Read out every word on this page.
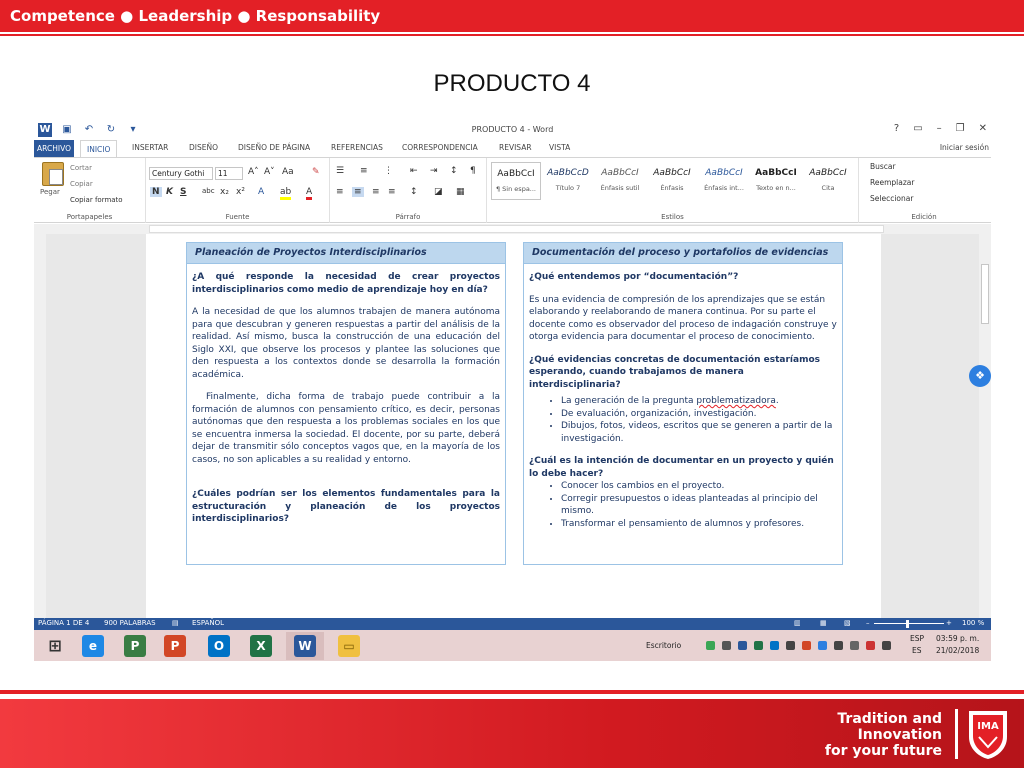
Competence ● Leadership ● Responsability
PRODUCTO 4
W ▣ ↶ ↻	▾	PRODUCTO 4 - Word	? ▭ – ❐ ✕
ARCHIVO	INICIO	INSERTAR	DISEÑO	DISEÑO DE PÁGINA	REFERENCIAS	CORRESPONDENCIA	REVISAR VISTA	Iniciar sesión
Pegar
Cortar
Copiar
Copiar formato
Portapapeles
Century Gothi	11	A˄ A˅ Aa ✎
N K S abc x₂ x² A ab A
Fuente
☰ ≡ ⋮ ⇤ ⇥ ↕ ¶
≡ ≡ ≡ ≡ ↕ ◪ ▦
Párrafo
AaBbCcI
¶ Sin espa...
AaBbCcD
Título 7
AaBbCcI
Énfasis sutil
AaBbCcI
Énfasis
AaBbCcI
Énfasis int...
AaBbCcI
Texto en n...
AaBbCcI
Cita
Estilos
Buscar
Reemplazar
Seleccionar
Edición
Planeación de Proyectos Interdisciplinarios

¿A qué responde la necesidad de crear proyectos interdisciplinarios como medio de aprendizaje hoy en día?

A la necesidad de que los alumnos trabajen de manera autónoma para que descubran y generen respuestas a partir del análisis de la realidad. Así mismo, busca la construcción de una educación del Siglo XXI, que observe los procesos y plantee las soluciones que den respuesta a los contextos donde se desarrolla la formación académica.

Finalmente, dicha forma de trabajo puede contribuir a la formación de alumnos con pensamiento crítico, es decir, personas autónomas que den respuesta a los problemas sociales en los que se encuentra inmersa la sociedad. El docente, por su parte, deberá dejar de transmitir sólo conceptos vagos que, en la mayoría de los casos, no son aplicables a su realidad y entorno.

¿Cuáles podrían ser los elementos fundamentales para la estructuración y planeación de los proyectos interdisciplinarios?

Documentación del proceso y portafolios de evidencias

¿Qué entendemos por “documentación”?

Es una evidencia de compresión de los aprendizajes que se están elaborando y reelaborando de manera continua. Por su parte el docente como es observador del proceso de indagación construye y otorga evidencia para documentar el proceso de conocimiento.

¿Qué evidencias concretas de documentación estaríamos esperando, cuando trabajamos de manera interdisciplinaria?

• La generación de la pregunta problematizadora.
• De evaluación, organización, investigación.
• Dibujos, fotos, videos, escritos que se generen a partir de la investigación.

¿Cuál es la intención de documentar en un proyecto y quién lo debe hacer?

• Conocer los cambios en el proyecto.
• Corregir presupuestos o ideas planteadas al principio del mismo.
• Transformar el pensamiento de alumnos y profesores.
❖
PÁGINA 1 DE 4 900 PALABRAS ▤ ESPAÑOL	▥	▦ ▧ –	+ 100 %
⊞	e	P	P	O	X	W	▭	Escritorio
ESP
ES
03:59 p. m.
21/02/2018
Tradition and
Innovation
for your future
IMA
